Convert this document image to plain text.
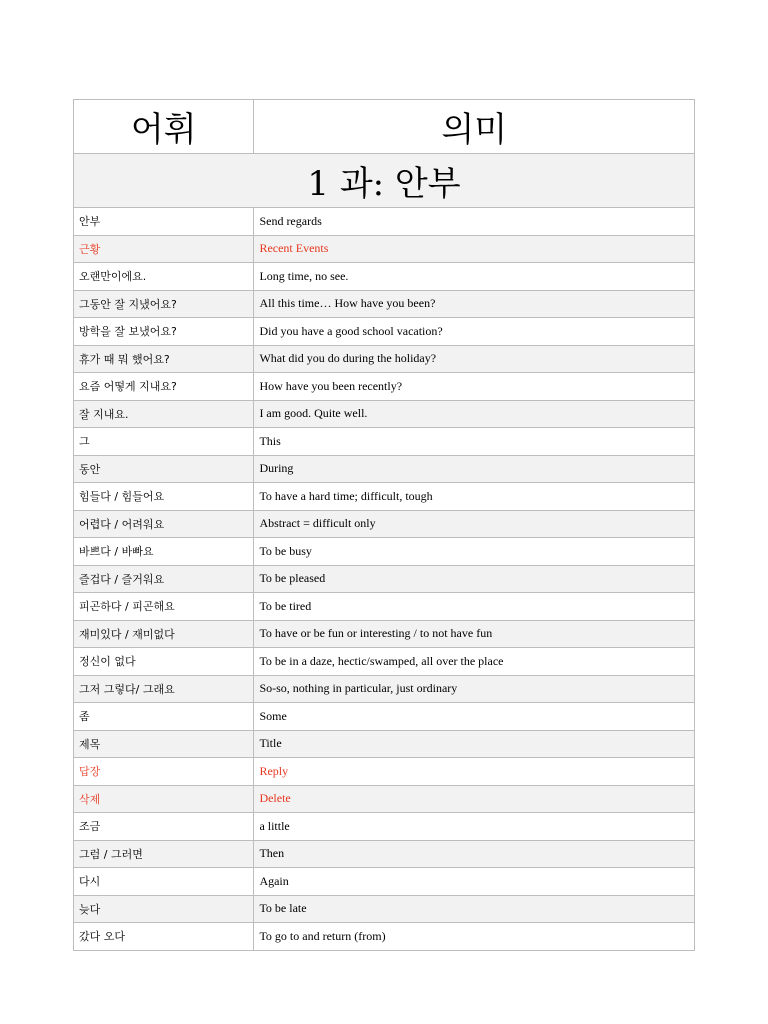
어휘	의미
1 과: 안부	
안부	Send regards
근황	Recent Events
오랜만이에요.	Long time, no see.
그동안 잘 지냈어요?	All this time… How have you been?
방학을 잘 보냈어요?	Did you have a good school vacation?
휴가 때 뭐 했어요?	What did you do during the holiday?
요즘 어떻게 지내요?	How have you been recently?
잘 지내요.	I am good. Quite well.
그	This
동안	During
힘들다 / 힘들어요	To have a hard time; difficult, tough
어렵다 / 어려워요	Abstract = difficult only
바쁘다 / 바빠요	To be busy
즐겁다 / 즐거워요	To be pleased
피곤하다 / 피곤해요	To be tired
재미있다 / 재미없다	To have or be fun or interesting / to not have fun
정신이 없다	To be in a daze, hectic/swamped, all over the place
그저 그렇다/ 그래요	So-so, nothing in particular, just ordinary
좀	Some
제목	Title
답장	Reply
삭제	Delete
조금	a little
그럼 / 그러면	Then
다시	Again
늦다	To be late
갔다 오다	To go to and return (from)
